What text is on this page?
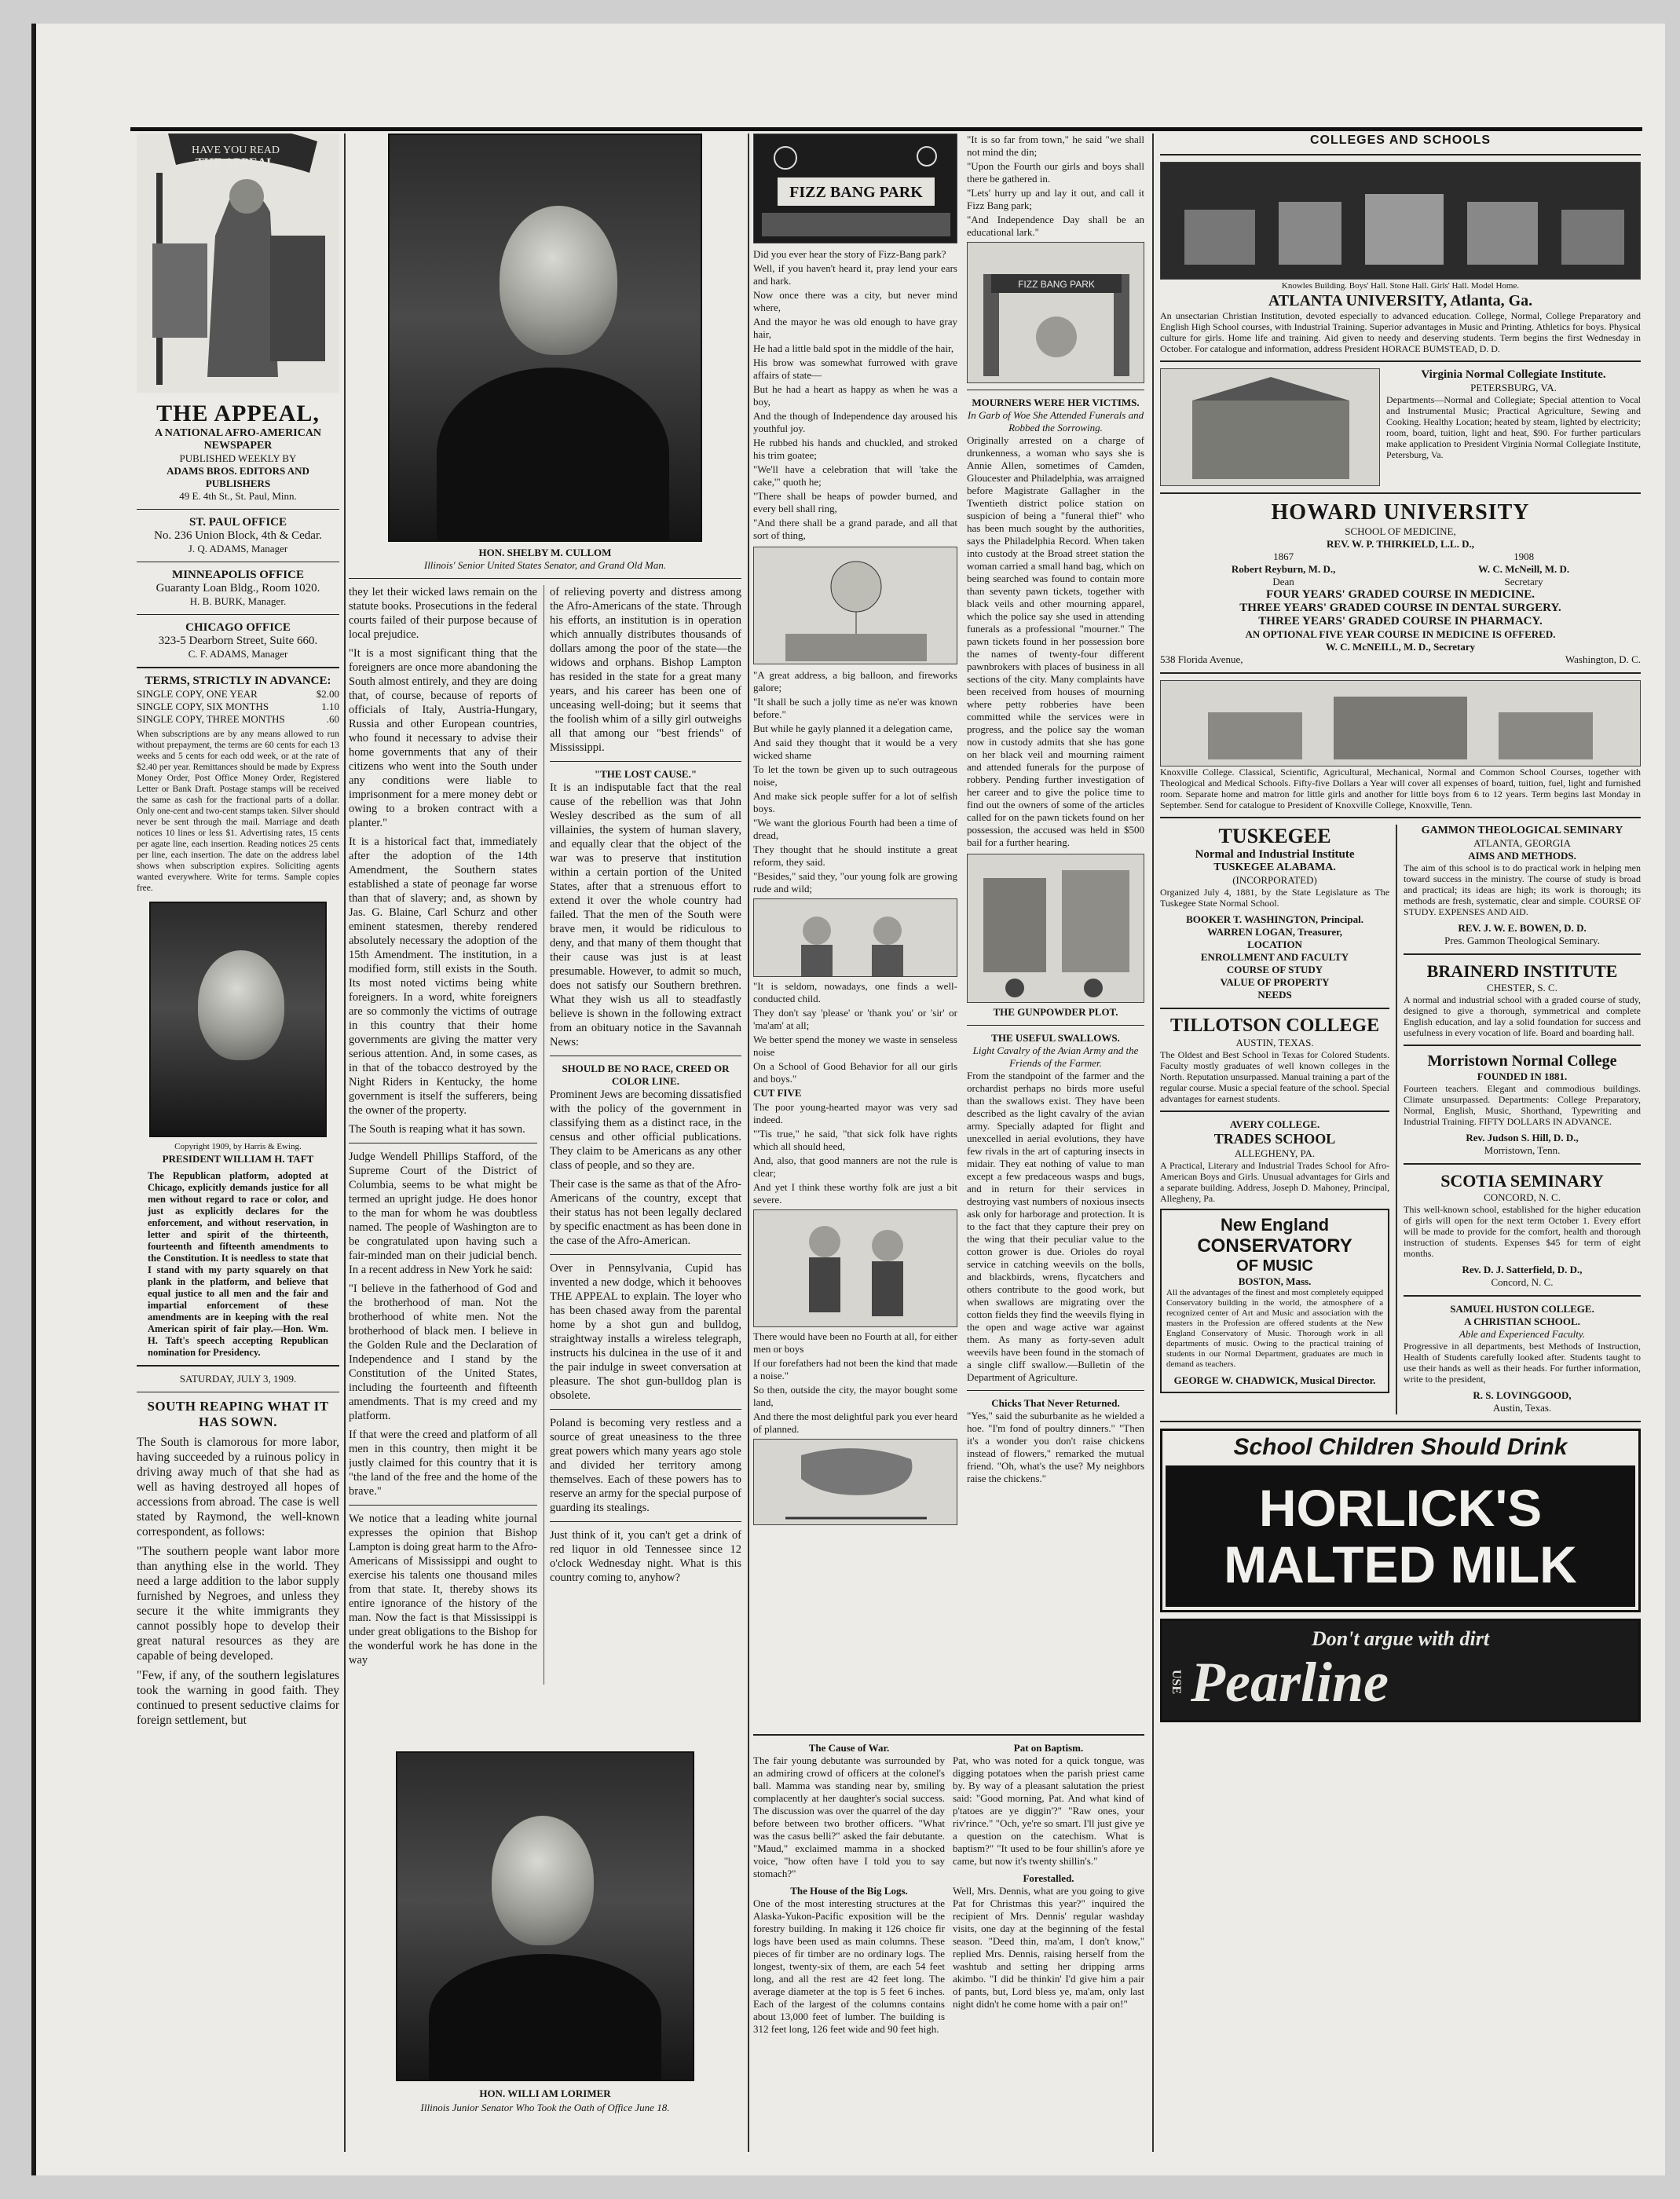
HAVE YOU READ
THE APPEAL
THE APPEAL,
A NATIONAL AFRO-AMERICAN NEWSPAPER
PUBLISHED WEEKLY BY
ADAMS BROS. EDITORS AND PUBLISHERS
49 E. 4th St., St. Paul, Minn.
ST. PAUL OFFICE
No. 236 Union Block, 4th & Cedar.
J. Q. ADAMS, Manager
MINNEAPOLIS OFFICE
Guaranty Loan Bldg., Room 1020.
H. B. BURK, Manager.
CHICAGO OFFICE
323-5 Dearborn Street, Suite 660.
C. F. ADAMS, Manager
TERMS, STRICTLY IN ADVANCE:
SINGLE COPY, ONE YEAR	$2.00
SINGLE COPY, SIX MONTHS	1.10
SINGLE COPY, THREE MONTHS	.60

When subscriptions are by any means allowed to run without prepayment, the terms are 60 cents for each 13 weeks and 5 cents for each odd week, or at the rate of $2.40 per year. Remittances should be made by Express Money Order, Post Office Money Order, Registered Letter or Bank Draft. Postage stamps will be received the same as cash for the fractional parts of a dollar. Only one-cent and two-cent stamps taken. Silver should never be sent through the mail. Marriage and death notices 10 lines or less $1. Advertising rates, 15 cents per agate line, each insertion. Reading notices 25 cents per line, each insertion. The date on the address label shows when subscription expires. Soliciting agents wanted everywhere. Write for terms. Sample copies free.

Copyright 1909, by Harris & Ewing.
PRESIDENT WILLIAM H. TAFT

The Republican platform, adopted at Chicago, explicitly demands justice for all men without regard to race or color, and just as explicitly declares for the enforcement, and without reservation, in letter and spirit of the thirteenth, fourteenth and fifteenth amendments to the Constitution. It is needless to state that I stand with my party squarely on that plank in the platform, and believe that equal justice to all men and the fair and impartial enforcement of these amendments are in keeping with the real American spirit of fair play.—Hon. Wm. H. Taft's speech accepting Republican nomination for Presidency.

SATURDAY, JULY 3, 1909.
SOUTH REAPING WHAT IT HAS SOWN.

The South is clamorous for more labor, having succeeded by a ruinous policy in driving away much of that she had as well as having destroyed all hopes of accessions from abroad. The case is well stated by Raymond, the well-known correspondent, as follows:

"The southern people want labor more than anything else in the world. They need a large addition to the labor supply furnished by Negroes, and unless they secure it the white immigrants they cannot possibly hope to develop their great natural resources as they are capable of being developed.

"Few, if any, of the southern legislatures took the warning in good faith. They continued to present seductive claims for foreign settlement, but

HON. SHELBY M. CULLOM
Illinois' Senior United States Senator, and Grand Old Man.

they let their wicked laws remain on the statute books. Prosecutions in the federal courts failed of their purpose because of local prejudice.

"It is a most significant thing that the foreigners are once more abandoning the South almost entirely, and they are doing that, of course, because of reports of officials of Italy, Austria-Hungary, Russia and other European countries, who found it necessary to advise their home governments that any of their citizens who went into the South under any conditions were liable to imprisonment for a mere money debt or owing to a broken contract with a planter."

It is a historical fact that, immediately after the adoption of the 14th Amendment, the Southern states established a state of peonage far worse than that of slavery; and, as shown by Jas. G. Blaine, Carl Schurz and other eminent statesmen, thereby rendered absolutely necessary the adoption of the 15th Amendment. The institution, in a modified form, still exists in the South. Its most noted victims being white foreigners. In a word, white foreigners are so commonly the victims of outrage in this country that their home governments are giving the matter very serious attention. And, in some cases, as in that of the tobacco destroyed by the Night Riders in Kentucky, the home government is itself the sufferers, being the owner of the property.

The South is reaping what it has sown.

Judge Wendell Phillips Stafford, of the Supreme Court of the District of Columbia, seems to be what might be termed an upright judge. He does honor to the man for whom he was doubtless named. The people of Washington are to be congratulated upon having such a fair-minded man on their judicial bench. In a recent address in New York he said:

"I believe in the fatherhood of God and the brotherhood of man. Not the brotherhood of white men. Not the brotherhood of black men. I believe in the Golden Rule and the Declaration of Independence and I stand by the Constitution of the United States, including the fourteenth and fifteenth amendments. That is my creed and my platform.

If that were the creed and platform of all men in this country, then might it be justly claimed for this country that it is "the land of the free and the home of the brave."

We notice that a leading white journal expresses the opinion that Bishop Lampton is doing great harm to the Afro-Americans of Mississippi and ought to exercise his talents one thousand miles from that state. It, thereby shows its entire ignorance of the history of the man. Now the fact is that Mississippi is under great obligations to the Bishop for the wonderful work he has done in the way

of relieving poverty and distress among the Afro-Americans of the state. Through his efforts, an institution is in operation which annually distributes thousands of dollars among the poor of the state—the widows and orphans. Bishop Lampton has resided in the state for a great many years, and his career has been one of unceasing well-doing; but it seems that the foolish whim of a silly girl outweighs all that among our "best friends" of Mississippi.

"THE LOST CAUSE."

It is an indisputable fact that the real cause of the rebellion was that John Wesley described as the sum of all villainies, the system of human slavery, and equally clear that the object of the war was to preserve that institution within a certain portion of the United States, after that a strenuous effort to extend it over the whole country had failed. That the men of the South were brave men, it would be ridiculous to deny, and that many of them thought that their cause was just is at least presumable. However, to admit so much, does not satisfy our Southern brethren. What they wish us all to steadfastly believe is shown in the following extract from an obituary notice in the Savannah News:

SHOULD BE NO RACE, CREED OR COLOR LINE.

Prominent Jews are becoming dissatisfied with the policy of the government in classifying them as a distinct race, in the census and other official publications. They claim to be Americans as any other class of people, and so they are.

Their case is the same as that of the Afro-Americans of the country, except that their status has not been legally declared by specific enactment as has been done in the case of the Afro-American.

Over in Pennsylvania, Cupid has invented a new dodge, which it behooves THE APPEAL to explain. The loyer who has been chased away from the parental home by a shot gun and bulldog, straightway installs a wireless telegraph, instructs his dulcinea in the use of it and the pair indulge in sweet conversation at pleasure. The shot gun-bulldog plan is obsolete.

Poland is becoming very restless and a source of great uneasiness to the three great powers which many years ago stole and divided her territory among themselves. Each of these powers has to reserve an army for the special purpose of guarding its stealings.

Just think of it, you can't get a drink of red liquor in old Tennessee since 12 o'clock Wednesday night. What is this country coming to, anyhow?

HON. WILLI AM LORIMER
Illinois Junior Senator Who Took the Oath of Office June 18.
FIZZ BANG PARK

Did you ever hear the story of Fizz-Bang park?

Well, if you haven't heard it, pray lend your ears and hark.

Now once there was a city, but never mind where,

And the mayor he was old enough to have gray hair,

He had a little bald spot in the middle of the hair,

His brow was somewhat furrowed with grave affairs of state—

But he had a heart as happy as when he was a boy,

And the though of Independence day aroused his youthful joy.

He rubbed his hands and chuckled, and stroked his trim goatee;

"We'll have a celebration that will 'take the cake,'" quoth he;

"There shall be heaps of powder burned, and every bell shall ring,

"And there shall be a grand parade, and all that sort of thing,

"A great address, a big balloon, and fireworks galore;

"It shall be such a jolly time as ne'er was known before."

But while he gayly planned it a delegation came,

And said they thought that it would be a very wicked shame

To let the town be given up to such outrageous noise,

And make sick people suffer for a lot of selfish boys.

"We want the glorious Fourth had been a time of dread,

They thought that he should institute a great reform, they said.

"Besides," said they, "our young folk are growing rude and wild;

"It is seldom, nowadays, one finds a well-conducted child.

They don't say 'please' or 'thank you' or 'sir' or 'ma'am' at all;

We better spend the money we waste in senseless noise

On a School of Good Behavior for all our girls and boys."

CUT FIVE

The poor young-hearted mayor was very sad indeed.

"'Tis true," he said, "that sick folk have rights which all should heed,

And, also, that good manners are not the rule is clear;

And yet I think these worthy folk are just a bit severe.

There would have been no Fourth at all, for either men or boys

If our forefathers had not been the kind that made a noise."

So then, outside the city, the mayor bought some land,

And there the most delightful park you ever heard of planned.

"It is so far from town," he said "we shall not mind the din;

"Upon the Fourth our girls and boys shall there be gathered in.

"Lets' hurry up and lay it out, and call it Fizz Bang park;

"And Independence Day shall be an educational lark."

FIZZ BANG PARK
MOURNERS WERE HER VICTIMS.
In Garb of Woe She Attended Funerals and Robbed the Sorrowing.

Originally arrested on a charge of drunkenness, a woman who says she is Annie Allen, sometimes of Camden, Gloucester and Philadelphia, was arraigned before Magistrate Gallagher in the Twentieth district police station on suspicion of being a "funeral thief" who has been much sought by the authorities, says the Philadelphia Record. When taken into custody at the Broad street station the woman carried a small hand bag, which on being searched was found to contain more than seventy pawn tickets, together with black veils and other mourning apparel, which the police say she used in attending funerals as a professional "mourner." The pawn tickets found in her possession bore the names of twenty-four different pawnbrokers with places of business in all sections of the city. Many complaints have been received from houses of mourning where petty robberies have been committed while the services were in progress, and the police say the woman now in custody admits that she has gone on her black veil and mourning raiment and attended funerals for the purpose of robbery. Pending further investigation of her career and to give the police time to find out the owners of some of the articles called for on the pawn tickets found on her possession, the accused was held in $500 bail for a further hearing.

THE GUNPOWDER PLOT.
THE USEFUL SWALLOWS.
Light Cavalry of the Avian Army and the Friends of the Farmer.

From the standpoint of the farmer and the orchardist perhaps no birds more useful than the swallows exist. They have been described as the light cavalry of the avian army. Specially adapted for flight and unexcelled in aerial evolutions, they have few rivals in the art of capturing insects in midair. They eat nothing of value to man except a few predaceous wasps and bugs, and in return for their services in destroying vast numbers of noxious insects ask only for harborage and protection. It is to the fact that they capture their prey on the wing that their peculiar value to the cotton grower is due. Orioles do royal service in catching weevils on the bolls, and blackbirds, wrens, flycatchers and others contribute to the good work, but when swallows are migrating over the cotton fields they find the weevils flying in the open and wage active war against them. As many as forty-seven adult weevils have been found in the stomach of a single cliff swallow.—Bulletin of the Department of Agriculture.

Chicks That Never Returned.

"Yes," said the suburbanite as he wielded a hoe. "I'm fond of poultry dinners." "Then it's a wonder you don't raise chickens instead of flowers," remarked the mutual friend. "Oh, what's the use? My neighbors raise the chickens."

The Cause of War.

The fair young debutante was surrounded by an admiring crowd of officers at the colonel's ball. Mamma was standing near by, smiling complacently at her daughter's social success. The discussion was over the quarrel of the day before between two brother officers. "What was the casus belli?" asked the fair debutante. "Maud," exclaimed mamma in a shocked voice, "how often have I told you to say stomach?"

The House of the Big Logs.

One of the most interesting structures at the Alaska-Yukon-Pacific exposition will be the forestry building. In making it 126 choice fir logs have been used as main columns. These pieces of fir timber are no ordinary logs. The longest, twenty-six of them, are each 54 feet long, and all the rest are 42 feet long. The average diameter at the top is 5 feet 6 inches. Each of the largest of the columns contains about 13,000 feet of lumber. The building is 312 feet long, 126 feet wide and 90 feet high.

Pat on Baptism.

Pat, who was noted for a quick tongue, was digging potatoes when the parish priest came by. By way of a pleasant salutation the priest said: "Good morning, Pat. And what kind of p'tatoes are ye diggin'?" "Raw ones, your riv'rince." "Och, ye're so smart. I'll just give ye a question on the catechism. What is baptism?" "It used to be four shillin's afore ye came, but now it's twenty shillin's."

Forestalled.

Well, Mrs. Dennis, what are you going to give Pat for Christmas this year?" inquired the recipient of Mrs. Dennis' regular washday visits, one day at the beginning of the festal season. "Deed thin, ma'am, I don't know," replied Mrs. Dennis, raising herself from the washtub and setting her dripping arms akimbo. "I did be thinkin' I'd give him a pair of pants, but, Lord bless ye, ma'am, only last night didn't he come home with a pair on!"

COLLEGES AND SCHOOLS
Knowles Building. Boys' Hall. Stone Hall. Girls' Hall. Model Home.
ATLANTA UNIVERSITY, Atlanta, Ga.

An unsectarian Christian Institution, devoted especially to advanced education. College, Normal, College Preparatory and English High School courses, with Industrial Training. Superior advantages in Music and Printing. Athletics for boys. Physical culture for girls. Home life and training. Aid given to needy and deserving students. Term begins the first Wednesday in October. For catalogue and information, address President HORACE BUMSTEAD, D. D.

Virginia Normal Collegiate Institute.
PETERSBURG, VA.

Departments—Normal and Collegiate; Special attention to Vocal and Instrumental Music; Practical Agriculture, Sewing and Cooking. Healthy Location; heated by steam, lighted by electricity; room, board, tuition, light and heat, $90. For further particulars make application to President Virginia Normal Collegiate Institute, Petersburg, Va.

HOWARD UNIVERSITY
SCHOOL OF MEDICINE,
REV. W. P. THIRKIELD, L.L. D.,
1867
Robert Reyburn, M. D.,
Dean
1908
W. C. McNeill, M. D.
Secretary
FOUR YEARS' GRADED COURSE IN MEDICINE.
THREE YEARS' GRADED COURSE IN DENTAL SURGERY.
THREE YEARS' GRADED COURSE IN PHARMACY.
AN OPTIONAL FIVE YEAR COURSE IN MEDICINE IS OFFERED.
W. C. McNEILL, M. D., Secretary
538 Florida Avenue,	Washington, D. C.

Knoxville College. Classical, Scientific, Agricultural, Mechanical, Normal and Common School Courses, together with Theological and Medical Schools. Fifty-five Dollars a Year will cover all expenses of board, tuition, fuel, light and furnished room. Separate home and matron for little girls and another for little boys from 6 to 12 years. Term begins last Monday in September. Send for catalogue to President of Knoxville College, Knoxville, Tenn.

TUSKEGEE
Normal and Industrial Institute
TUSKEGEE ALABAMA.
(INCORPORATED)

Organized July 4, 1881, by the State Legislature as The Tuskegee State Normal School.

BOOKER T. WASHINGTON, Principal.
WARREN LOGAN, Treasurer,
LOCATION
ENROLLMENT AND FACULTY
COURSE OF STUDY
VALUE OF PROPERTY
NEEDS
TILLOTSON COLLEGE
AUSTIN, TEXAS.

The Oldest and Best School in Texas for Colored Students. Faculty mostly graduates of well known colleges in the North. Reputation unsurpassed. Manual training a part of the regular course. Music a special feature of the school. Special advantages for earnest students.

AVERY COLLEGE.
TRADES SCHOOL
ALLEGHENY, PA.

A Practical, Literary and Industrial Trades School for Afro-American Boys and Girls. Unusual advantages for Girls and a separate building. Address, Joseph D. Mahoney, Principal, Allegheny, Pa.

New England
CONSERVATORY
OF MUSIC
BOSTON, Mass.

All the advantages of the finest and most completely equipped Conservatory building in the world, the atmosphere of a recognized center of Art and Music and association with the masters in the Profession are offered students at the New England Conservatory of Music. Thorough work in all departments of music. Owing to the practical training of students in our Normal Department, graduates are much in demand as teachers.

GEORGE W. CHADWICK, Musical Director.
GAMMON THEOLOGICAL SEMINARY
ATLANTA, GEORGIA
AIMS AND METHODS.

The aim of this school is to do practical work in helping men toward success in the ministry. The course of study is broad and practical; its ideas are high; its work is thorough; its methods are fresh, systematic, clear and simple. COURSE OF STUDY. EXPENSES AND AID.

REV. J. W. E. BOWEN, D. D.
Pres. Gammon Theological Seminary.
BRAINERD INSTITUTE
CHESTER, S. C.

A normal and industrial school with a graded course of study, designed to give a thorough, symmetrical and complete English education, and lay a solid foundation for success and usefulness in every vocation of life. Board and boarding hall.

Morristown Normal College
FOUNDED IN 1881.

Fourteen teachers. Elegant and commodious buildings. Climate unsurpassed. Departments: College Preparatory, Normal, English, Music, Shorthand, Typewriting and Industrial Training. FIFTY DOLLARS IN ADVANCE.

Rev. Judson S. Hill, D. D.,
Morristown, Tenn.
SCOTIA SEMINARY
CONCORD, N. C.

This well-known school, established for the higher education of girls will open for the next term October 1. Every effort will be made to provide for the comfort, health and thorough instruction of students. Expenses $45 for term of eight months.

Rev. D. J. Satterfield, D. D.,
Concord, N. C.
SAMUEL HUSTON COLLEGE.
A CHRISTIAN SCHOOL.
Able and Experienced Faculty.

Progressive in all departments, best Methods of Instruction, Health of Students carefully looked after. Students taught to use their hands as well as their heads. For further information, write to the president,

R. S. LOVINGGOOD,
Austin, Texas.
School Children Should Drink
HORLICK'S
MALTED MILK
Don't argue with dirt
USE Pearline
